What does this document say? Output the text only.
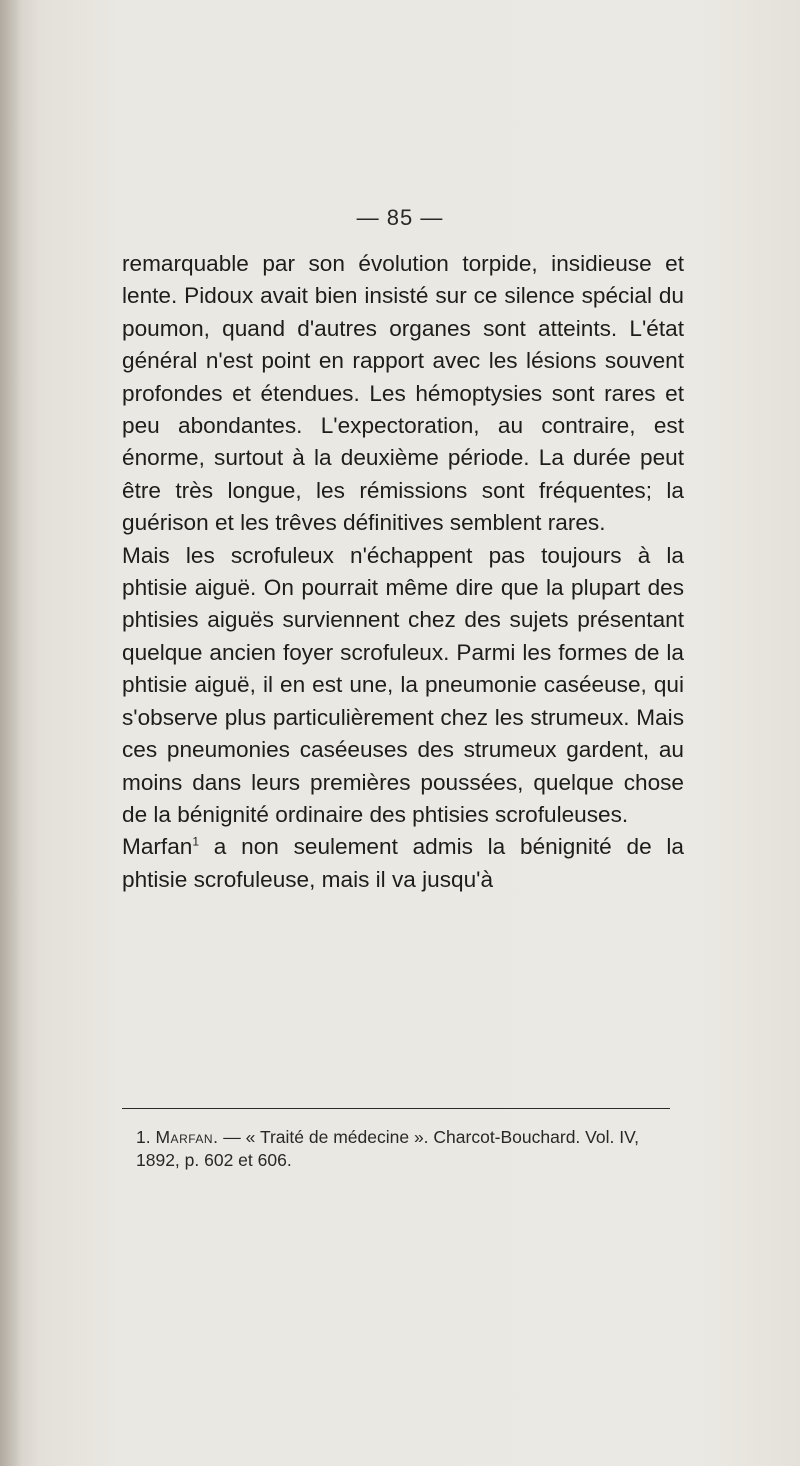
— 85 —

remarquable par son évolution torpide, insidieuse et lente. Pidoux avait bien insisté sur ce silence spécial du poumon, quand d'autres organes sont atteints. L'état général n'est point en rapport avec les lésions souvent profondes et étendues. Les hémoptysies sont rares et peu abondantes. L'expectoration, au contraire, est énorme, surtout à la deuxième période. La durée peut être très longue, les rémissions sont fréquentes; la guérison et les trêves définitives semblent rares.

Mais les scrofuleux n'échappent pas toujours à la phtisie aiguë. On pourrait même dire que la plupart des phtisies aiguës surviennent chez des sujets présentant quelque ancien foyer scrofuleux. Parmi les formes de la phtisie aiguë, il en est une, la pneumonie caséeuse, qui s'observe plus particulièrement chez les strumeux. Mais ces pneumonies caséeuses des strumeux gardent, au moins dans leurs premières poussées, quelque chose de la bénignité ordinaire des phtisies scrofuleuses.

Marfan$^1$ a non seulement admis la bénignité de la phtisie scrofuleuse, mais il va jusqu'à

1. Marfan. — « Traité de médecine ». Charcot-Bouchard. Vol. IV, 1892, p. 602 et 606.
